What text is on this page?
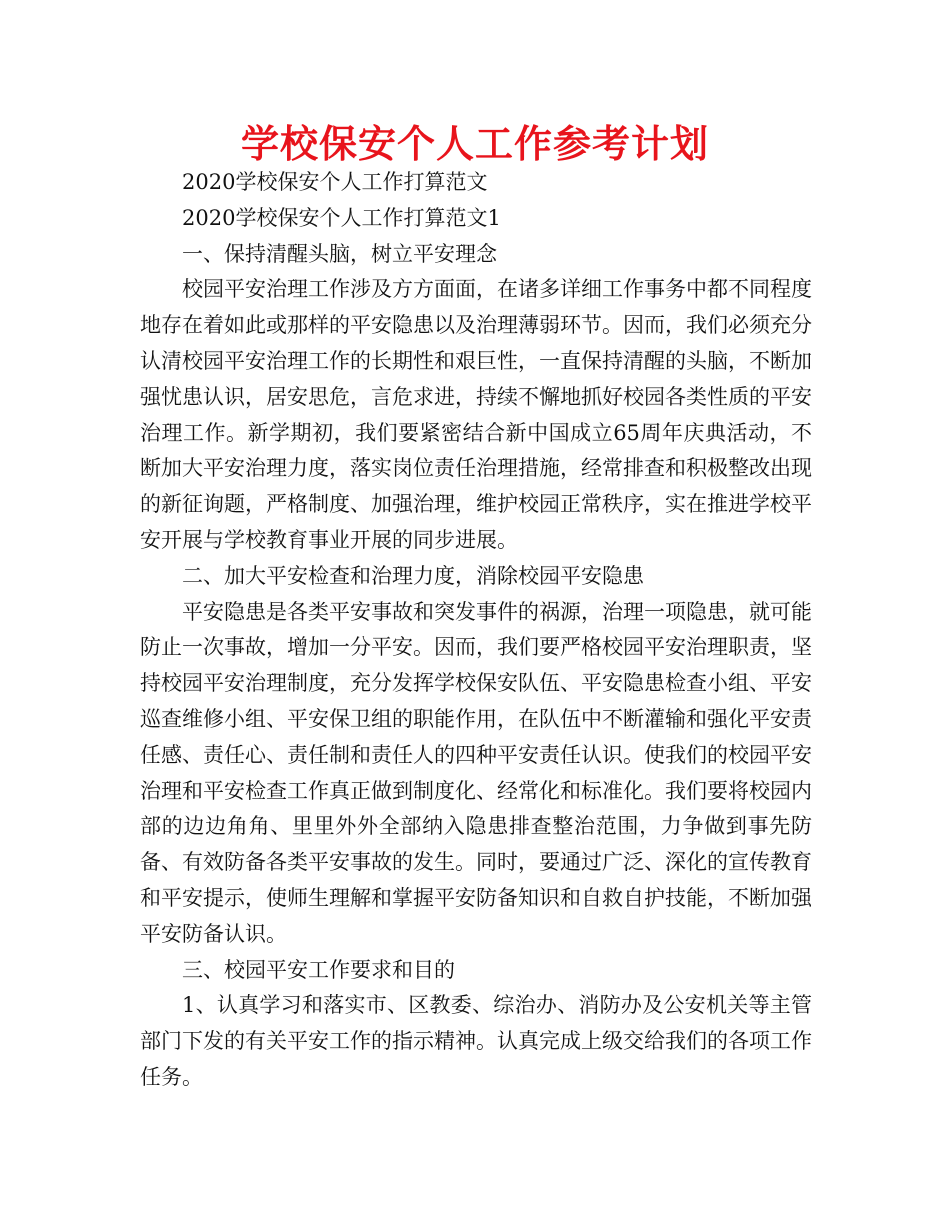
学校保安个人工作参考计划

2020学校保安个人工作打算范文

2020学校保安个人工作打算范文1

一、保持清醒头脑，树立平安理念

校园平安治理工作涉及方方面面，在诸多详细工作事务中都不同程度地存在着如此或那样的平安隐患以及治理薄弱环节。因而，我们必须充分认清校园平安治理工作的长期性和艰巨性，一直保持清醒的头脑，不断加强忧患认识，居安思危，言危求进，持续不懈地抓好校园各类性质的平安治理工作。新学期初，我们要紧密结合新中国成立65周年庆典活动，不断加大平安治理力度，落实岗位责任治理措施，经常排查和积极整改出现的新征询题，严格制度、加强治理，维护校园正常秩序，实在推进学校平安开展与学校教育事业开展的同步进展。

二、加大平安检查和治理力度，消除校园平安隐患

平安隐患是各类平安事故和突发事件的祸源，治理一项隐患，就可能防止一次事故，增加一分平安。因而，我们要严格校园平安治理职责，坚持校园平安治理制度，充分发挥学校保安队伍、平安隐患检查小组、平安巡查维修小组、平安保卫组的职能作用，在队伍中不断灌输和强化平安责任感、责任心、责任制和责任人的四种平安责任认识。使我们的校园平安治理和平安检查工作真正做到制度化、经常化和标准化。我们要将校园内部的边边角角、里里外外全部纳入隐患排查整治范围，力争做到事先防备、有效防备各类平安事故的发生。同时，要通过广泛、深化的宣传教育和平安提示，使师生理解和掌握平安防备知识和自救自护技能，不断加强平安防备认识。

三、校园平安工作要求和目的

1、认真学习和落实市、区教委、综治办、消防办及公安机关等主管部门下发的有关平安工作的指示精神。认真完成上级交给我们的各项工作任务。
